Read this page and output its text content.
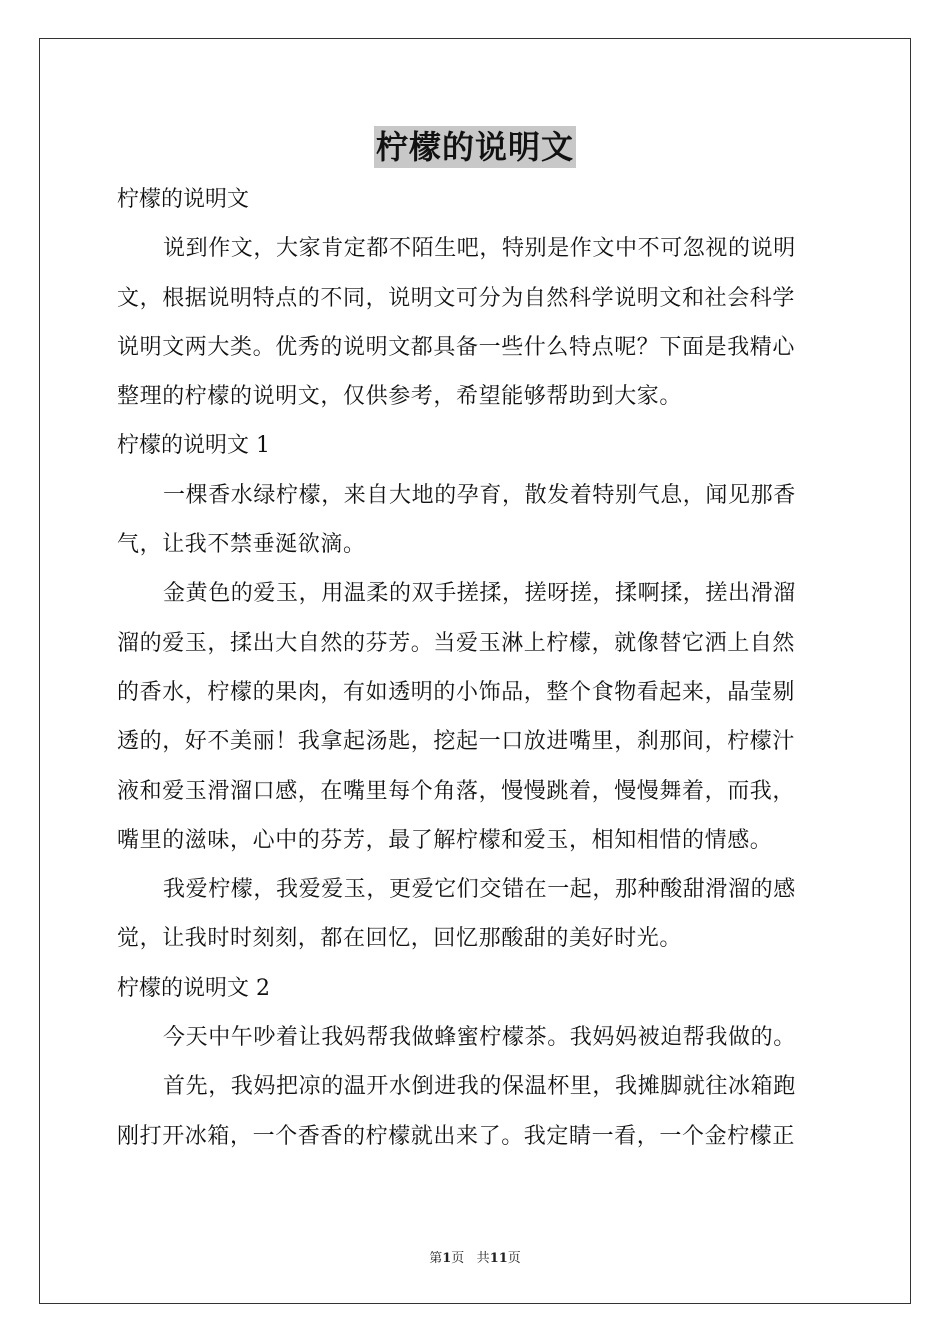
柠檬的说明文
柠檬的说明文
说到作文，大家肯定都不陌生吧，特别是作文中不可忽视的说明
文，根据说明特点的不同，说明文可分为自然科学说明文和社会科学
说明文两大类。优秀的说明文都具备一些什么特点呢？下面是我精心
整理的柠檬的说明文，仅供参考，希望能够帮助到大家。
柠檬的说明文 1
一棵香水绿柠檬，来自大地的孕育，散发着特别气息，闻见那香
气，让我不禁垂涎欲滴。
金黄色的爱玉，用温柔的双手搓揉，搓呀搓，揉啊揉，搓出滑溜
溜的爱玉，揉出大自然的芬芳。当爱玉淋上柠檬，就像替它洒上自然
的香水，柠檬的果肉，有如透明的小饰品，整个食物看起来，晶莹剔
透的，好不美丽！我拿起汤匙，挖起一口放进嘴里，刹那间，柠檬汁
液和爱玉滑溜口感，在嘴里每个角落，慢慢跳着，慢慢舞着，而我，
嘴里的滋味，心中的芬芳，最了解柠檬和爱玉，相知相惜的情感。
我爱柠檬，我爱爱玉，更爱它们交错在一起，那种酸甜滑溜的感
觉，让我时时刻刻，都在回忆，回忆那酸甜的美好时光。
柠檬的说明文 2
今天中午吵着让我妈帮我做蜂蜜柠檬茶。我妈妈被迫帮我做的。
首先，我妈把凉的温开水倒进我的保温杯里，我摊脚就往冰箱跑
刚打开冰箱，一个香香的柠檬就出来了。我定睛一看，一个金柠檬正
第1页 共11页
